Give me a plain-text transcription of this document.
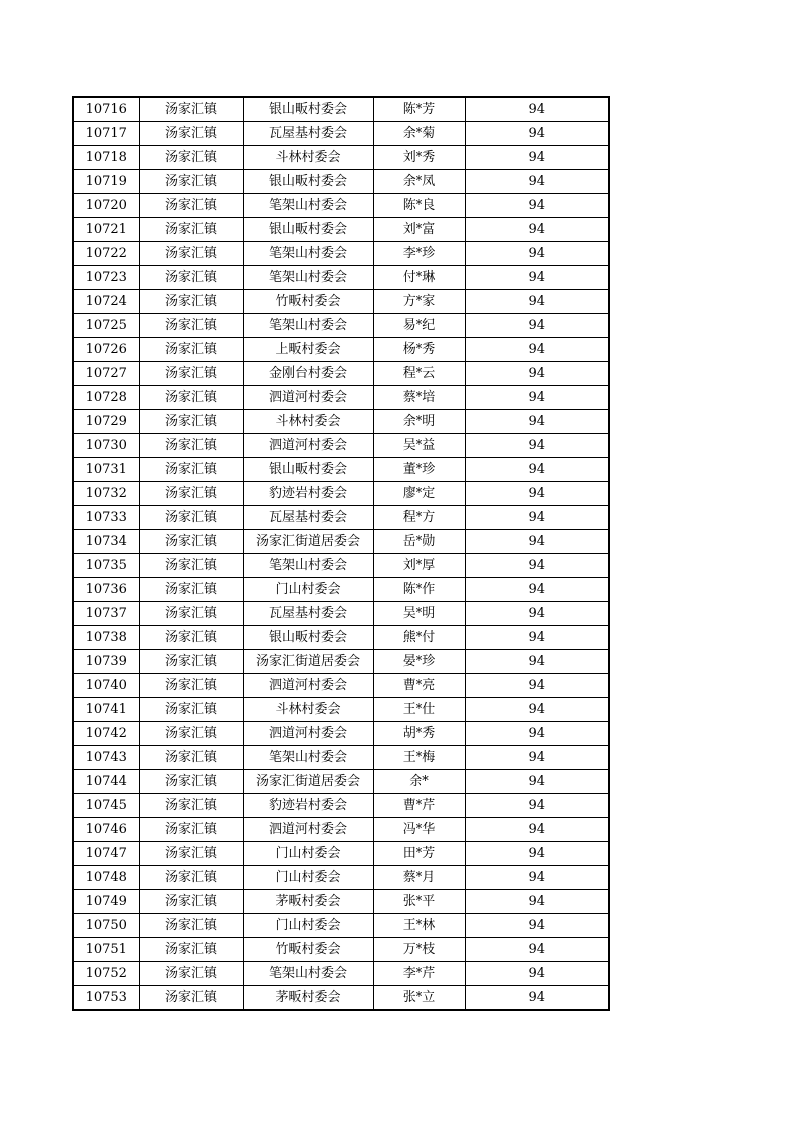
10716	汤家汇镇	银山畈村委会	陈*芳	94
10717	汤家汇镇	瓦屋基村委会	余*菊	94
10718	汤家汇镇	斗林村委会	刘*秀	94
10719	汤家汇镇	银山畈村委会	余*凤	94
10720	汤家汇镇	笔架山村委会	陈*良	94
10721	汤家汇镇	银山畈村委会	刘*富	94
10722	汤家汇镇	笔架山村委会	李*珍	94
10723	汤家汇镇	笔架山村委会	付*琳	94
10724	汤家汇镇	竹畈村委会	方*家	94
10725	汤家汇镇	笔架山村委会	易*纪	94
10726	汤家汇镇	上畈村委会	杨*秀	94
10727	汤家汇镇	金刚台村委会	程*云	94
10728	汤家汇镇	泗道河村委会	蔡*培	94
10729	汤家汇镇	斗林村委会	余*明	94
10730	汤家汇镇	泗道河村委会	吴*益	94
10731	汤家汇镇	银山畈村委会	董*珍	94
10732	汤家汇镇	豹迹岩村委会	廖*定	94
10733	汤家汇镇	瓦屋基村委会	程*方	94
10734	汤家汇镇	汤家汇街道居委会	岳*勋	94
10735	汤家汇镇	笔架山村委会	刘*厚	94
10736	汤家汇镇	门山村委会	陈*作	94
10737	汤家汇镇	瓦屋基村委会	吴*明	94
10738	汤家汇镇	银山畈村委会	熊*付	94
10739	汤家汇镇	汤家汇街道居委会	晏*珍	94
10740	汤家汇镇	泗道河村委会	曹*亮	94
10741	汤家汇镇	斗林村委会	王*仕	94
10742	汤家汇镇	泗道河村委会	胡*秀	94
10743	汤家汇镇	笔架山村委会	王*梅	94
10744	汤家汇镇	汤家汇街道居委会	余*	94
10745	汤家汇镇	豹迹岩村委会	曹*芹	94
10746	汤家汇镇	泗道河村委会	冯*华	94
10747	汤家汇镇	门山村委会	田*芳	94
10748	汤家汇镇	门山村委会	蔡*月	94
10749	汤家汇镇	茅畈村委会	张*平	94
10750	汤家汇镇	门山村委会	王*林	94
10751	汤家汇镇	竹畈村委会	万*枝	94
10752	汤家汇镇	笔架山村委会	李*芹	94
10753	汤家汇镇	茅畈村委会	张*立	94
